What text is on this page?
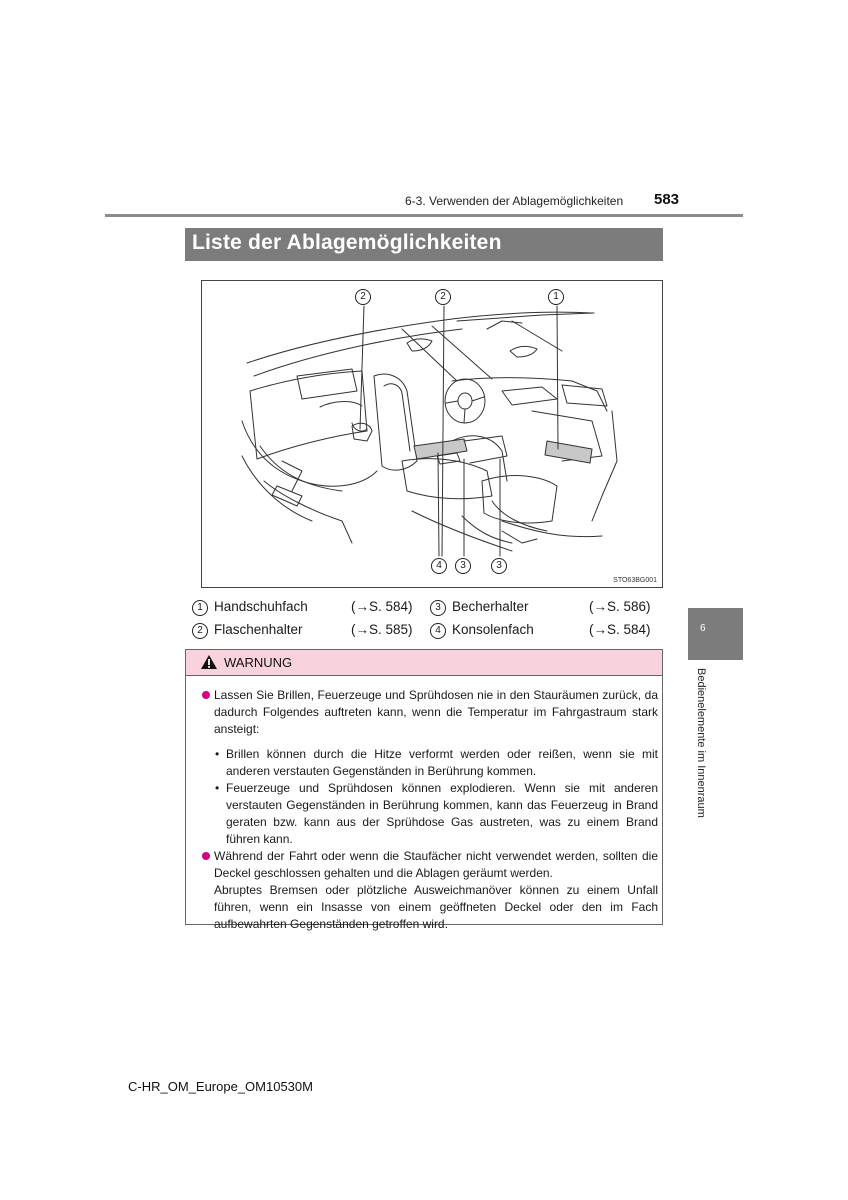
6-3. Verwenden der Ablagemöglichkeiten 583
Liste der Ablagemöglichkeiten
2	2	1
4	3	3
STO63BG001
1 Handschuhfach	(→S. 584)	3 Becherhalter	(→S. 586)
2 Flaschenhalter	(→S. 585)	4 Konsolenfach	(→S. 584)
WARNUNG

Lassen Sie Brillen, Feuerzeuge und Sprühdosen nie in den Stauräumen zurück, da dadurch Folgendes auftreten kann, wenn die Temperatur im Fahrgastraum stark ansteigt:

• Brillen können durch die Hitze verformt werden oder reißen, wenn sie mit anderen verstauten Gegenständen in Berührung kommen.

• Feuerzeuge und Sprühdosen können explodieren. Wenn sie mit anderen verstauten Gegenständen in Berührung kommen, kann das Feuerzeug in Brand geraten bzw. kann aus der Sprühdose Gas austreten, was zu einem Brand führen kann.

Während der Fahrt oder wenn die Staufächer nicht verwendet werden, sollten die Deckel geschlossen gehalten und die Ablagen geräumt werden.

Abruptes Bremsen oder plötzliche Ausweichmanöver können zu einem Unfall führen, wenn ein Insasse von einem geöffneten Deckel oder den im Fach aufbewahrten Gegenständen getroffen wird.

6
Bedienelemente im Innenraum
C-HR_OM_Europe_OM10530M
